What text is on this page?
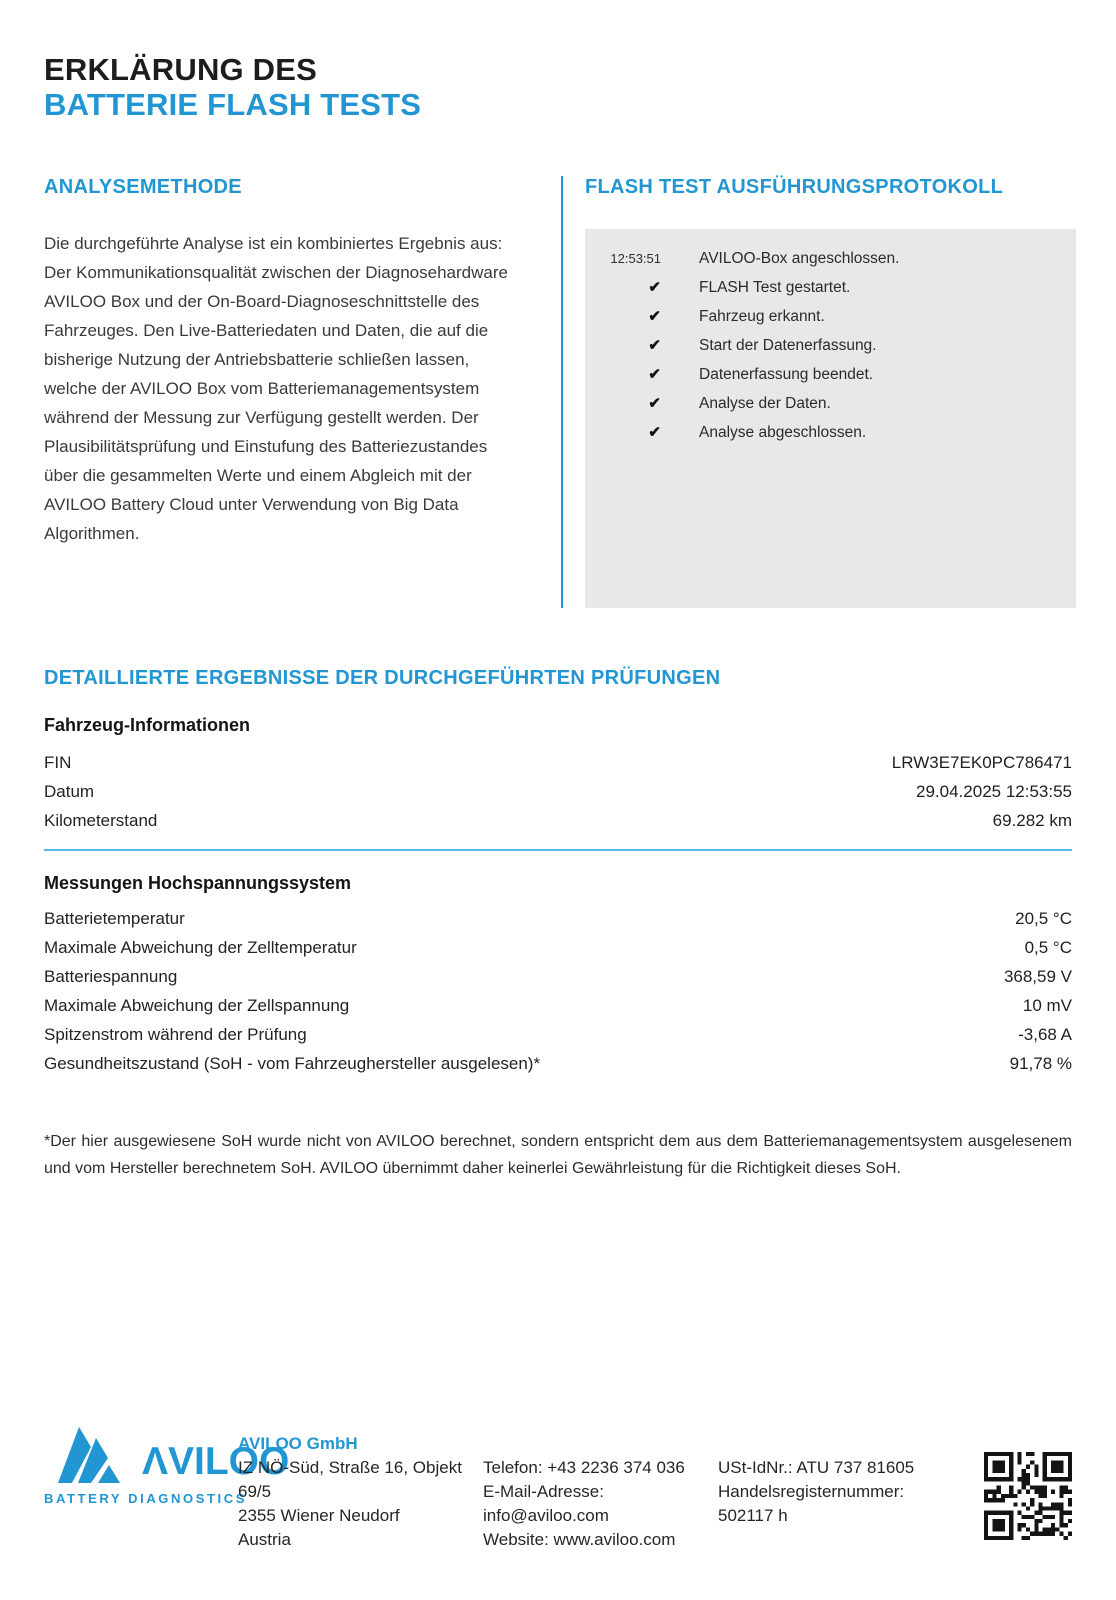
ERKLÄRUNG DES
BATTERIE FLASH TESTS
ANALYSEMETHODE

Die durchgeführte Analyse ist ein kombiniertes Ergebnis aus: Der Kommunikationsqualität zwischen der Diagnosehardware AVILOO Box und der On-Board-Diagnoseschnittstelle des Fahrzeuges. Den Live-Batteriedaten und Daten, die auf die bisherige Nutzung der Antriebsbatterie schließen lassen, welche der AVILOO Box vom Batteriemanagementsystem während der Messung zur Verfügung gestellt werden. Der Plausibilitätsprüfung und Einstufung des Batteriezustandes über die gesammelten Werte und einem Abgleich mit der AVILOO Battery Cloud unter Verwendung von Big Data Algorithmen.

FLASH TEST AUSFÜHRUNGSPROTOKOLL
12:53:51 AVILOO-Box angeschlossen.
✔ FLASH Test gestartet.
✔ Fahrzeug erkannt.
✔ Start der Datenerfassung.
✔ Datenerfassung beendet.
✔ Analyse der Daten.
✔ Analyse abgeschlossen.
DETAILLIERTE ERGEBNISSE DER DURCHGEFÜHRTEN PRÜFUNGEN
Fahrzeug-Informationen
FIN	LRW3E7EK0PC786471
Datum	29.04.2025 12:53:55
Kilometerstand	69.282 km
Messungen Hochspannungssystem
Batterietemperatur	20,5 °C
Maximale Abweichung der Zelltemperatur	0,5 °C
Batteriespannung	368,59 V
Maximale Abweichung der Zellspannung	10 mV
Spitzenstrom während der Prüfung	-3,68 A
Gesundheitszustand (SoH - vom Fahrzeughersteller ausgelesen)*	91,78 %

*Der hier ausgewiesene SoH wurde nicht von AVILOO berechnet, sondern entspricht dem aus dem Batteriemanagementsystem ausgelesenem und vom Hersteller berechnetem SoH. AVILOO übernimmt daher keinerlei Gewährleistung für die Richtigkeit dieses SoH.

ΛVILOO
BATTERY DIAGNOSTICS
AVILOO GmbH
IZ NÖ-Süd, Straße 16, Objekt
69/5
2355 Wiener Neudorf
Austria
Telefon: +43 2236 374 036
E-Mail-Adresse:
info@aviloo.com
Website: www.aviloo.com
USt-IdNr.: ATU 737 81605
Handelsregisternummer:
502117 h
